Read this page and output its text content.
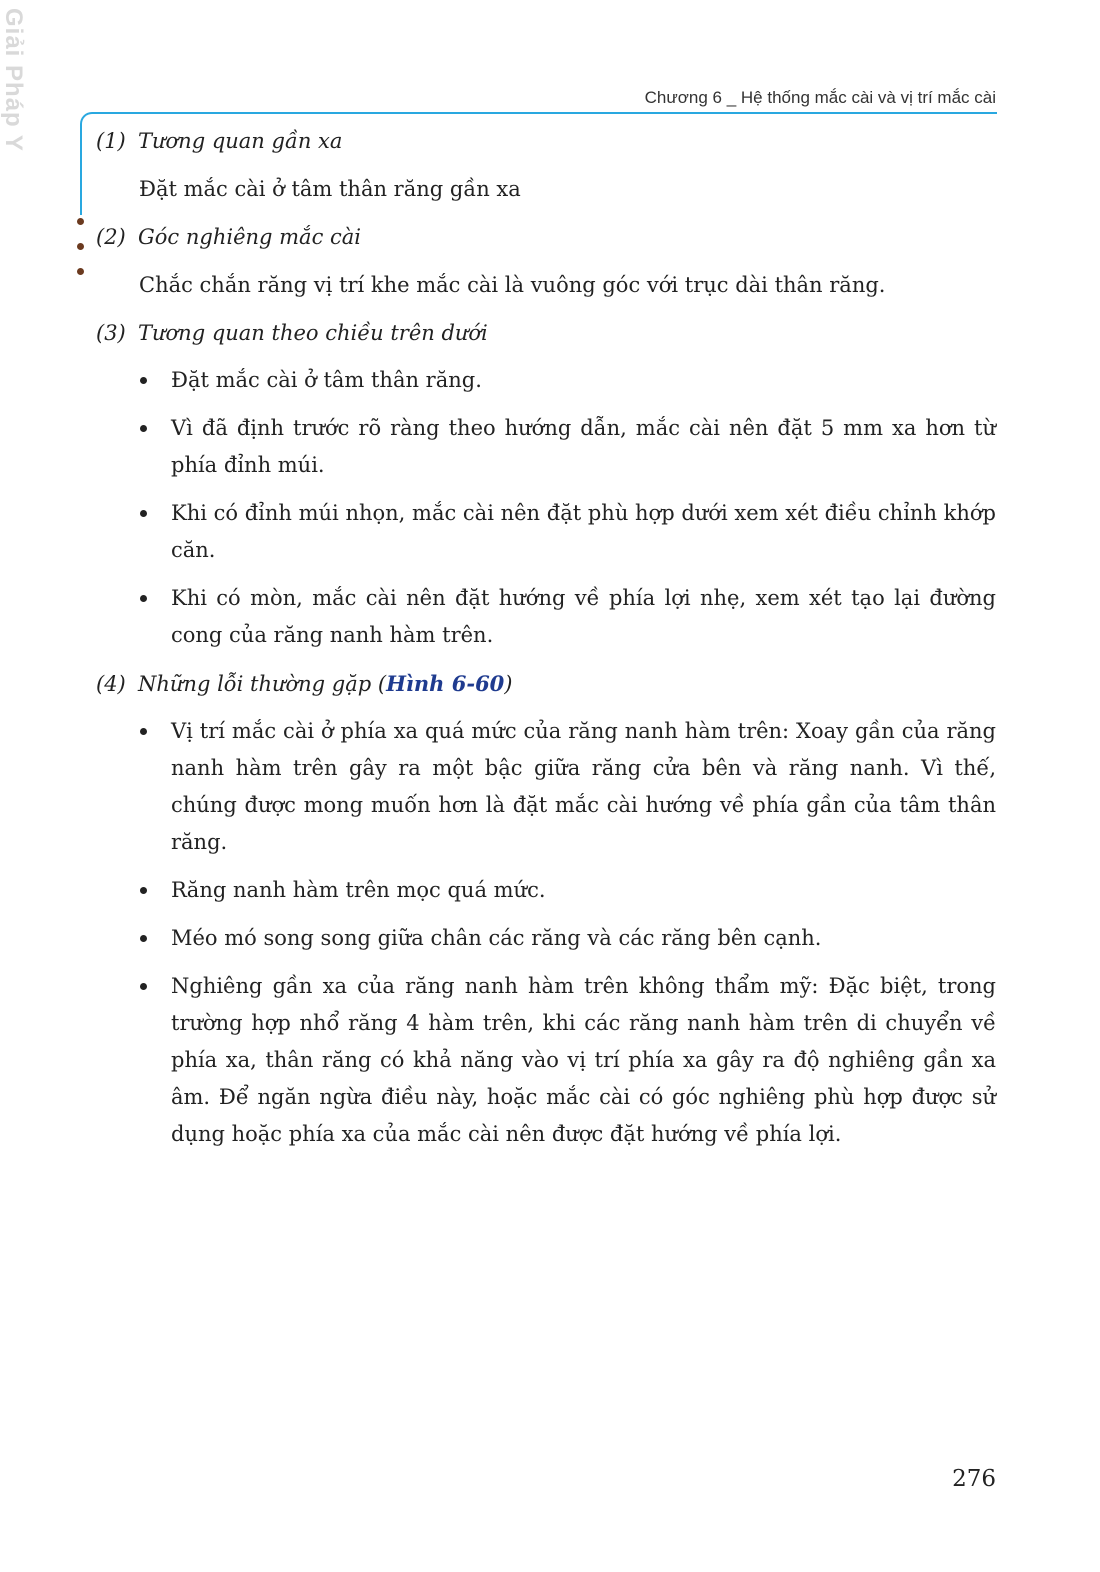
Giải Pháp Y
Chương 6 _ Hệ thống mắc cài và vị trí mắc cài
(1) Tương quan gần xa

Đặt mắc cài ở tâm thân răng gần xa

(2) Góc nghiêng mắc cài

Chắc chắn răng vị trí khe mắc cài là vuông góc với trục dài thân răng.

(3) Tương quan theo chiều trên dưới
Đặt mắc cài ở tâm thân răng.
Vì đã định trước rõ ràng theo hướng dẫn, mắc cài nên đặt 5 mm xa hơn từ phía đỉnh múi.
Khi có đỉnh múi nhọn, mắc cài nên đặt phù hợp dưới xem xét điều chỉnh khớp căn.
Khi có mòn, mắc cài nên đặt hướng về phía lợi nhẹ, xem xét tạo lại đường cong của răng nanh hàm trên.
(4) Những lỗi thường gặp (Hình 6-60)
Vị trí mắc cài ở phía xa quá mức của răng nanh hàm trên: Xoay gần của răng nanh hàm trên gây ra một bậc giữa răng cửa bên và răng nanh. Vì thế, chúng được mong muốn hơn là đặt mắc cài hướng về phía gần của tâm thân răng.
Răng nanh hàm trên mọc quá mức.
Méo mó song song giữa chân các răng và các răng bên cạnh.
Nghiêng gần xa của răng nanh hàm trên không thẩm mỹ: Đặc biệt, trong trường hợp nhổ răng 4 hàm trên, khi các răng nanh hàm trên di chuyển về phía xa, thân răng có khả năng vào vị trí phía xa gây ra độ nghiêng gần xa âm. Để ngăn ngừa điều này, hoặc mắc cài có góc nghiêng phù hợp được sử dụng hoặc phía xa của mắc cài nên được đặt hướng về phía lợi.
276
